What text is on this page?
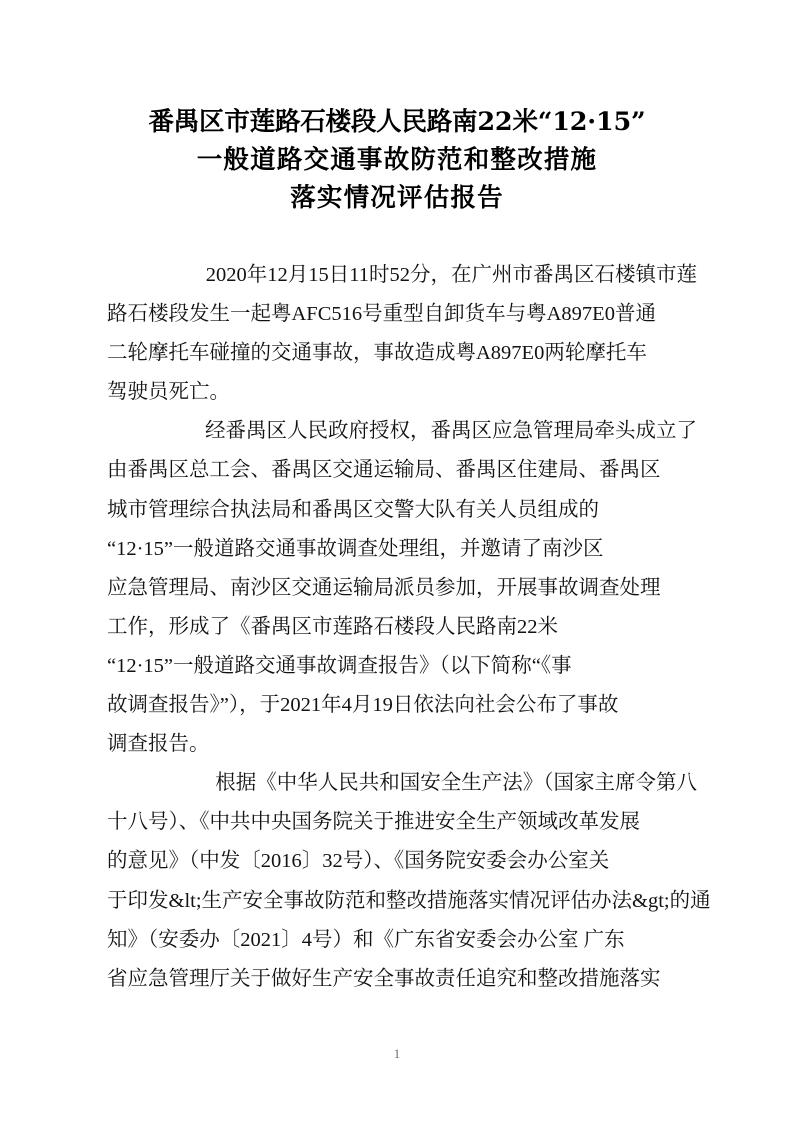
番禺区市莲路石楼段人民路南22米“12·15”
一般道路交通事故防范和整改措施
落实情况评估报告

2020年12月15日11时52分，在广州市番禺区石楼镇市莲
路石楼段发生一起粤AFC516号重型自卸货车与粤A897E0普通
二轮摩托车碰撞的交通事故，事故造成粤A897E0两轮摩托车
驾驶员死亡。

经番禺区人民政府授权，番禺区应急管理局牵头成立了
由番禺区总工会、番禺区交通运输局、番禺区住建局、番禺区
城市管理综合执法局和番禺区交警大队有关人员组成的
“12·15”一般道路交通事故调查处理组，并邀请了南沙区
应急管理局、南沙区交通运输局派员参加，开展事故调查处理
工作，形成了《番禺区市莲路石楼段人民路南22米
“12·15”一般道路交通事故调查报告》（以下简称“《事
故调查报告》”），于2021年4月19日依法向社会公布了事故
调查报告。

根据《中华人民共和国安全生产法》（国家主席令第八
十八号）、《中共中央国务院关于推进安全生产领域改革发展
的意见》（中发〔2016〕32号）、《国务院安委会办公室关
于印发&lt;生产安全事故防范和整改措施落实情况评估办法&gt;的通
知》（安委办〔2021〕4号）和《广东省安委会办公室 广东
省应急管理厅关于做好生产安全事故责任追究和整改措施落实

1
